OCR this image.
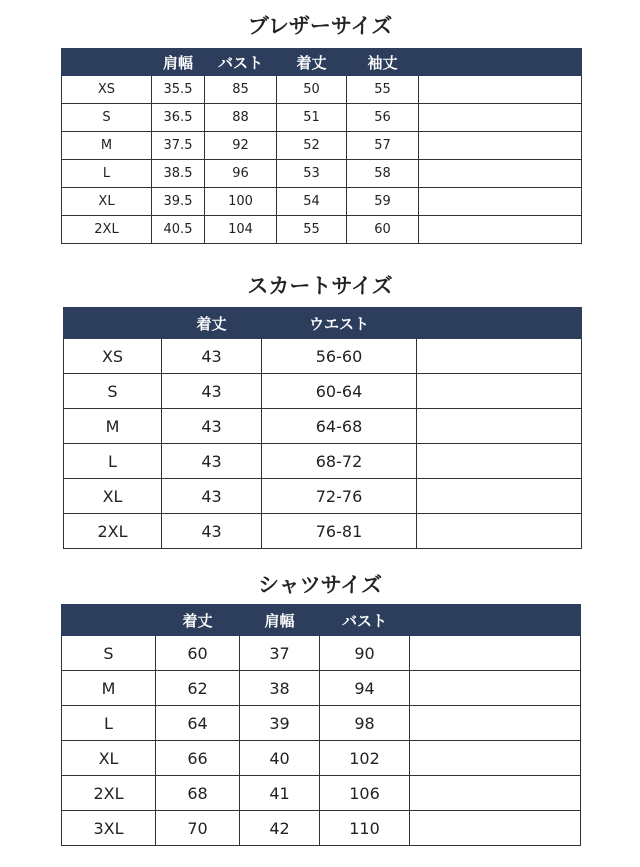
ブレザーサイズ
	肩幅	バスト	着丈	袖丈	
XS	35.5	85	50	55	
S	36.5	88	51	56	
M	37.5	92	52	57	
L	38.5	96	53	58	
XL	39.5	100	54	59	
2XL	40.5	104	55	60	
スカートサイズ
	着丈	ウエスト	
XS	43	56-60	
S	43	60-64	
M	43	64-68	
L	43	68-72	
XL	43	72-76	
2XL	43	76-81	
シャツサイズ
	着丈	肩幅	バスト	
S	60	37	90	
M	62	38	94	
L	64	39	98	
XL	66	40	102	
2XL	68	41	106	
3XL	70	42	110	
